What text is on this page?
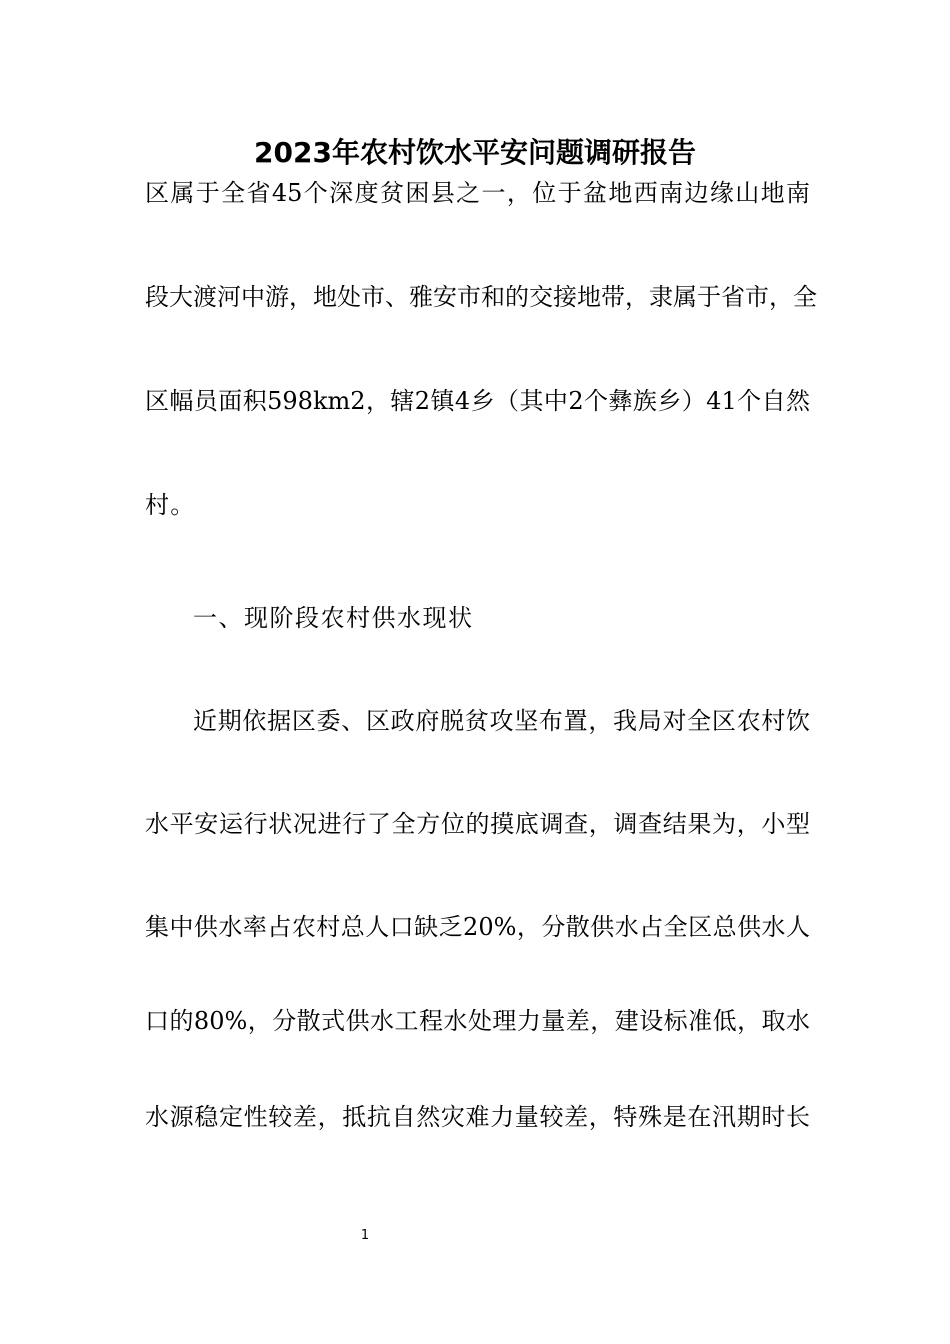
2023年农村饮水平安问题调研报告

区属于全省45个深度贫困县之一，位于盆地西南边缘山地南

段大渡河中游，地处市、雅安市和的交接地带，隶属于省市，全

区幅员面积598km2，辖2镇4乡（其中2个彝族乡）41个自然

村。

一、现阶段农村供水现状

近期依据区委、区政府脱贫攻坚布置，我局对全区农村饮

水平安运行状况进行了全方位的摸底调查，调查结果为，小型

集中供水率占农村总人口缺乏20%，分散供水占全区总供水人

口的80%，分散式供水工程水处理力量差，建设标准低，取水

水源稳定性较差，抵抗自然灾难力量较差，特殊是在汛期时长

1
